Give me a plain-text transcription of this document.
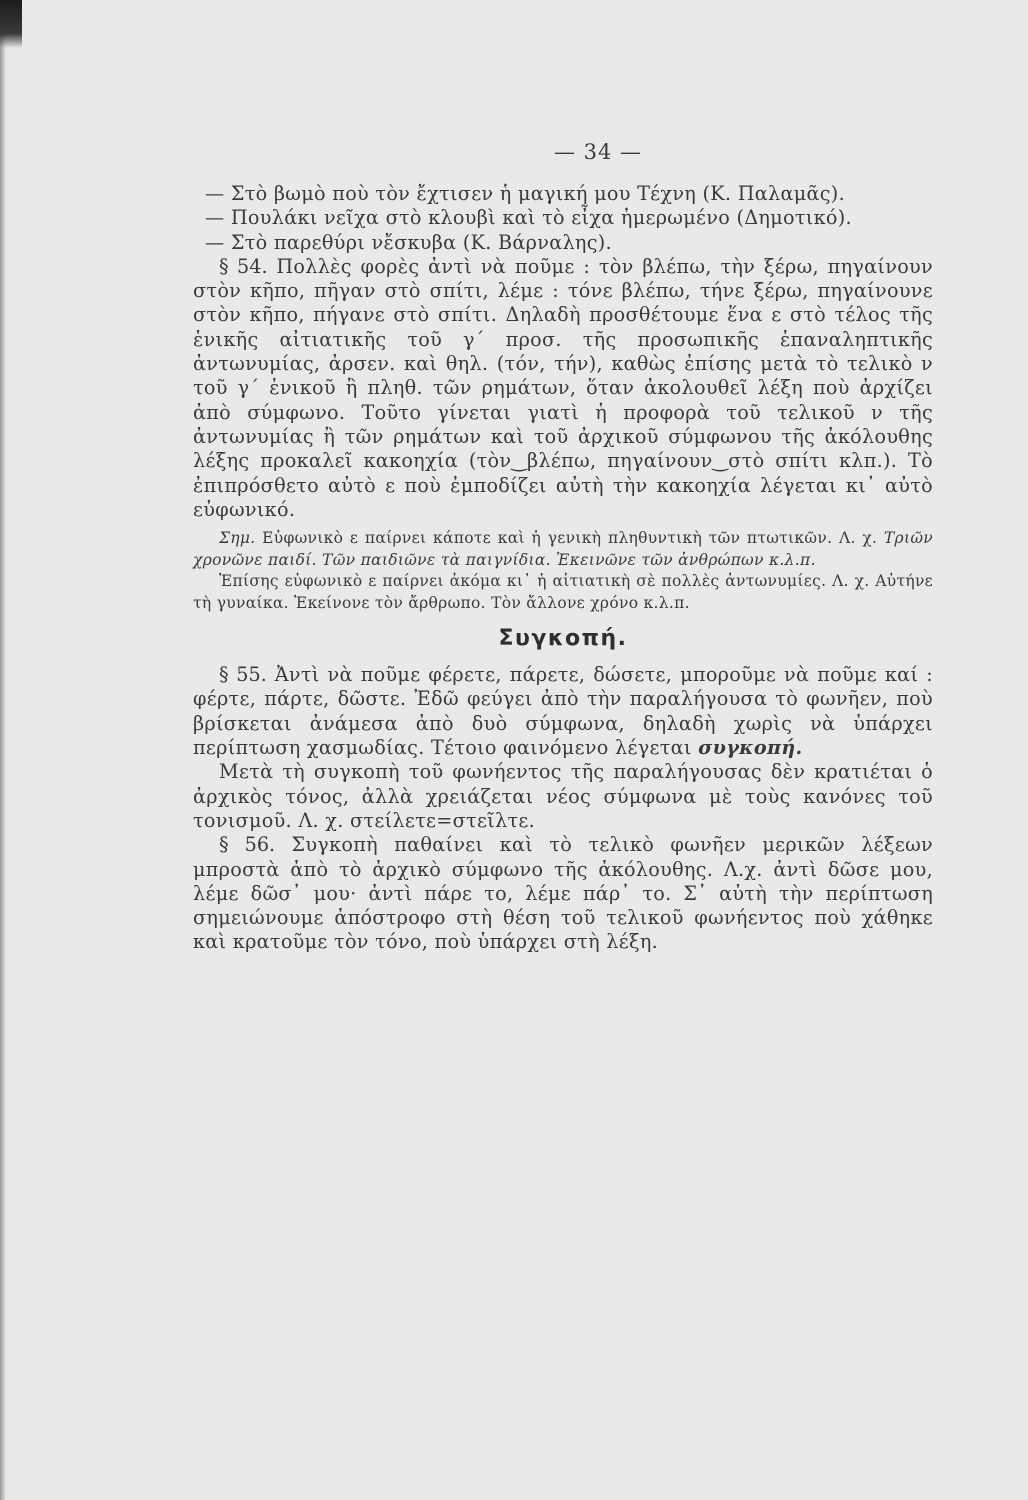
— 34 —

— Στὸ βωμὸ ποὺ τὸν ἔχτισεν ἡ μαγική μου Τέχνη (Κ. Παλαμᾶς).

— Πουλάκι νεῖχα στὸ κλουβὶ καὶ τὸ εἶχα ἡμερωμένο (Δημοτικό).

— Στὸ παρεθύρι νἔσκυβα (Κ. Βάρναλης).

§ 54. Πολλὲς φορὲς ἀντὶ νὰ ποῦμε : τὸν βλέπω, τὴν ξέρω, πηγαίνουν στὸν κῆπο, πῆγαν στὸ σπίτι, λέμε : τόνε βλέπω, τήνε ξέρω, πηγαίνουνε στὸν κῆπο, πήγανε στὸ σπίτι. Δηλαδὴ προσθέτουμε ἕνα ε στὸ τέλος τῆς ἑνικῆς αἰτιατικῆς τοῦ γ΄ προσ. τῆς προσωπικῆς ἐπαναληπτικῆς ἀντωνυμίας, ἀρσεν. καὶ θηλ. (τόν, τήν), καθὼς ἐπίσης μετὰ τὸ τελικὸ ν τοῦ γ΄ ἑνικοῦ ἢ πληθ. τῶν ρημάτων, ὅταν ἀκολουθεῖ λέξη ποὺ ἀρχίζει ἀπὸ σύμφωνο. Τοῦτο γίνεται γιατὶ ἡ προφορὰ τοῦ τελικοῦ ν τῆς ἀντωνυμίας ἢ τῶν ρημάτων καὶ τοῦ ἀρχικοῦ σύμφωνου τῆς ἀκόλουθης λέξης προκαλεῖ κακοηχία (τὸν‿βλέπω, πηγαίνουν‿στὸ σπίτι κλπ.). Τὸ ἐπιπρόσθετο αὐτὸ ε ποὺ ἐμποδίζει αὐτὴ τὴν κακοηχία λέγεται κι᾽ αὐτὸ εὐφωνικό.

Σημ. Εὐφωνικὸ ε παίρνει κάποτε καὶ ἡ γενικὴ πληθυντικὴ τῶν πτωτικῶν. Λ. χ. Τριῶν χρονῶνε παιδί. Τῶν παιδιῶνε τὰ παιγνίδια. Ἐκεινῶνε τῶν ἀνθρώπων κ.λ.π.

Ἐπίσης εὐφωνικὸ ε παίρνει ἀκόμα κι᾽ ἡ αἰτιατικὴ σὲ πολλὲς ἀντωνυμίες. Λ. χ. Αὐτήνε τὴ γυναίκα. Ἐκείνονε τὸν ἄρθρωπο. Τὸν ἄλλονε χρόνο κ.λ.π.

Συγκοπή.

§ 55. Ἀντὶ νὰ ποῦμε φέρετε, πάρετε, δώσετε, μποροῦμε νὰ ποῦμε καί : φέρτε, πάρτε, δῶστε. Ἐδῶ φεύγει ἀπὸ τὴν παραλήγουσα τὸ φωνῆεν, ποὺ βρίσκεται ἀνάμεσα ἀπὸ δυὸ σύμφωνα, δηλαδὴ χωρὶς νὰ ὑπάρχει περίπτωση χασμωδίας. Τέτοιο φαινόμενο λέγεται συγκοπή.

Μετὰ τὴ συγκοπὴ τοῦ φωνήεντος τῆς παραλήγουσας δὲν κρατιέται ὁ ἀρχικὸς τόνος, ἀλλὰ χρειάζεται νέος σύμφωνα μὲ τοὺς κανόνες τοῦ τονισμοῦ. Λ. χ. στείλετε=στεῖλτε.

§ 56. Συγκοπὴ παθαίνει καὶ τὸ τελικὸ φωνῆεν μερικῶν λέξεων μπροστὰ ἀπὸ τὸ ἀρχικὸ σύμφωνο τῆς ἀκόλουθης. Λ.χ. ἀντὶ δῶσε μου, λέμε δῶσ᾽ μου· ἀντὶ πάρε το, λέμε πάρ᾽ το. Σ᾽ αὐτὴ τὴν περίπτωση σημειώνουμε ἀπόστροφο στὴ θέση τοῦ τελικοῦ φωνήεντος ποὺ χάθηκε καὶ κρατοῦμε τὸν τόνο, ποὺ ὑπάρχει στὴ λέξη.
